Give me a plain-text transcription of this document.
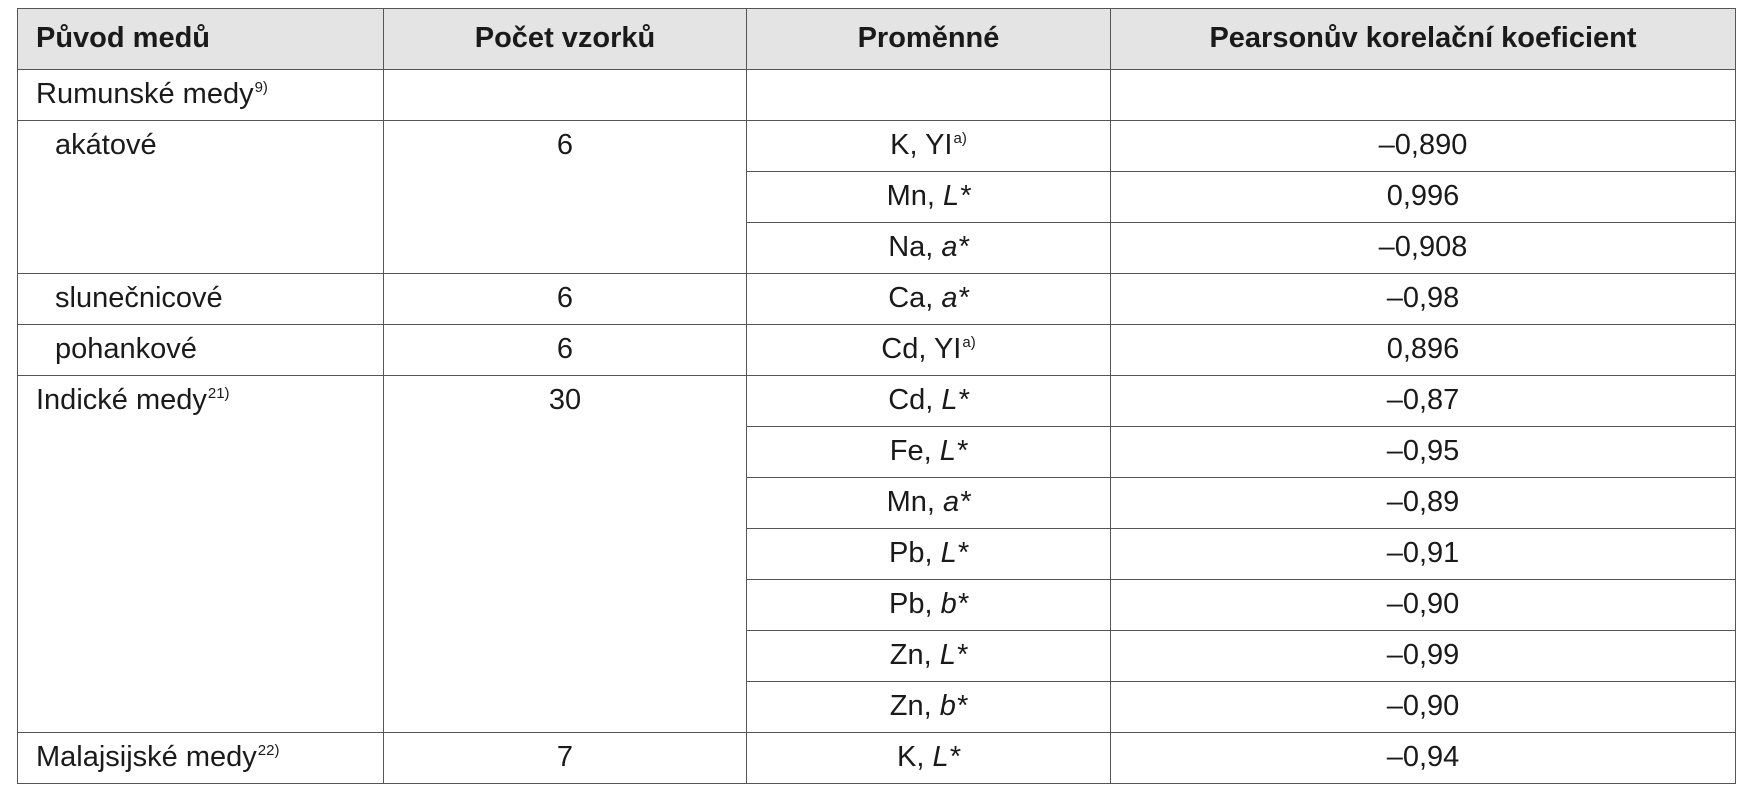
Původ medů	Počet vzorků	Proměnné	Pearsonův korelační koeficient
Rumunské medy$^{9)}$			
akátové	6	K, YI$^{a)}$	–0,890
		Mn, L*	0,996
		Na, a*	–0,908
slunečnicové	6	Ca, a*	–0,98
pohankové	6	Cd, YI$^{a)}$	0,896
Indické medy$^{21)}$	30	Cd, L*	–0,87
		Fe, L*	–0,95
		Mn, a*	–0,89
		Pb, L*	–0,91
		Pb, b*	–0,90
		Zn, L*	–0,99
		Zn, b*	–0,90
Malajsijské medy$^{22)}$	7	K, L*	–0,94
